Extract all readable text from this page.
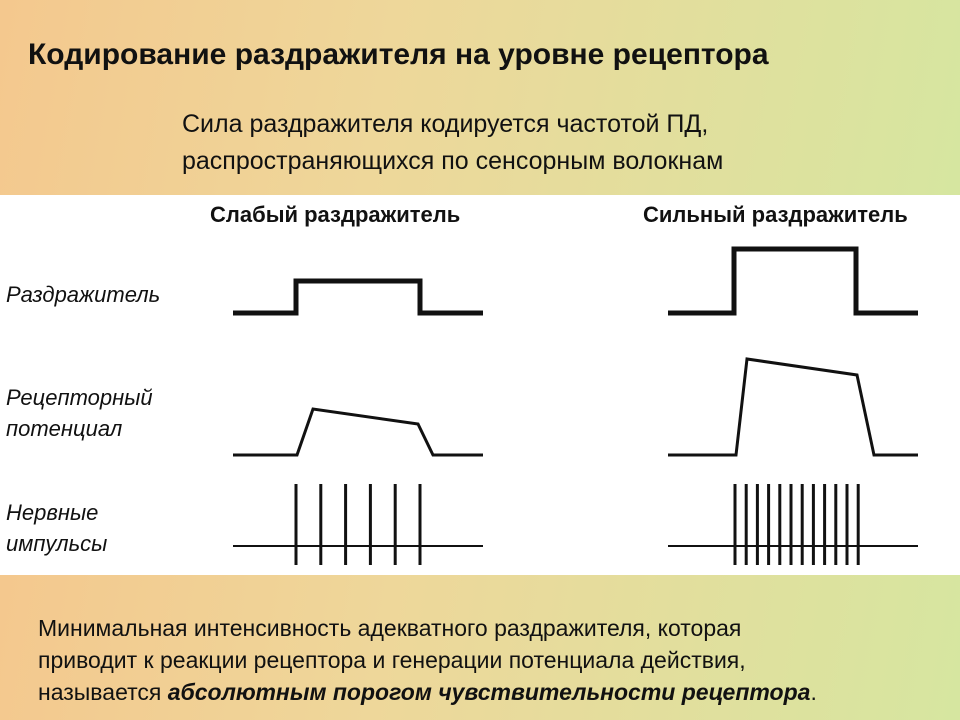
Кодирование раздражителя на уровне рецептора
Сила раздражителя кодируется частотой ПД,
распространяющихся по сенсорным волокнам
Слабый раздражитель	Сильный раздражитель
Раздражитель
Рецепторный
потенциал
Нервные
импульсы
Минимальная интенсивность адекватного раздражителя, которая
приводит к реакции рецептора и генерации потенциала действия,
называется абсолютным порогом чувствительности рецептора.
